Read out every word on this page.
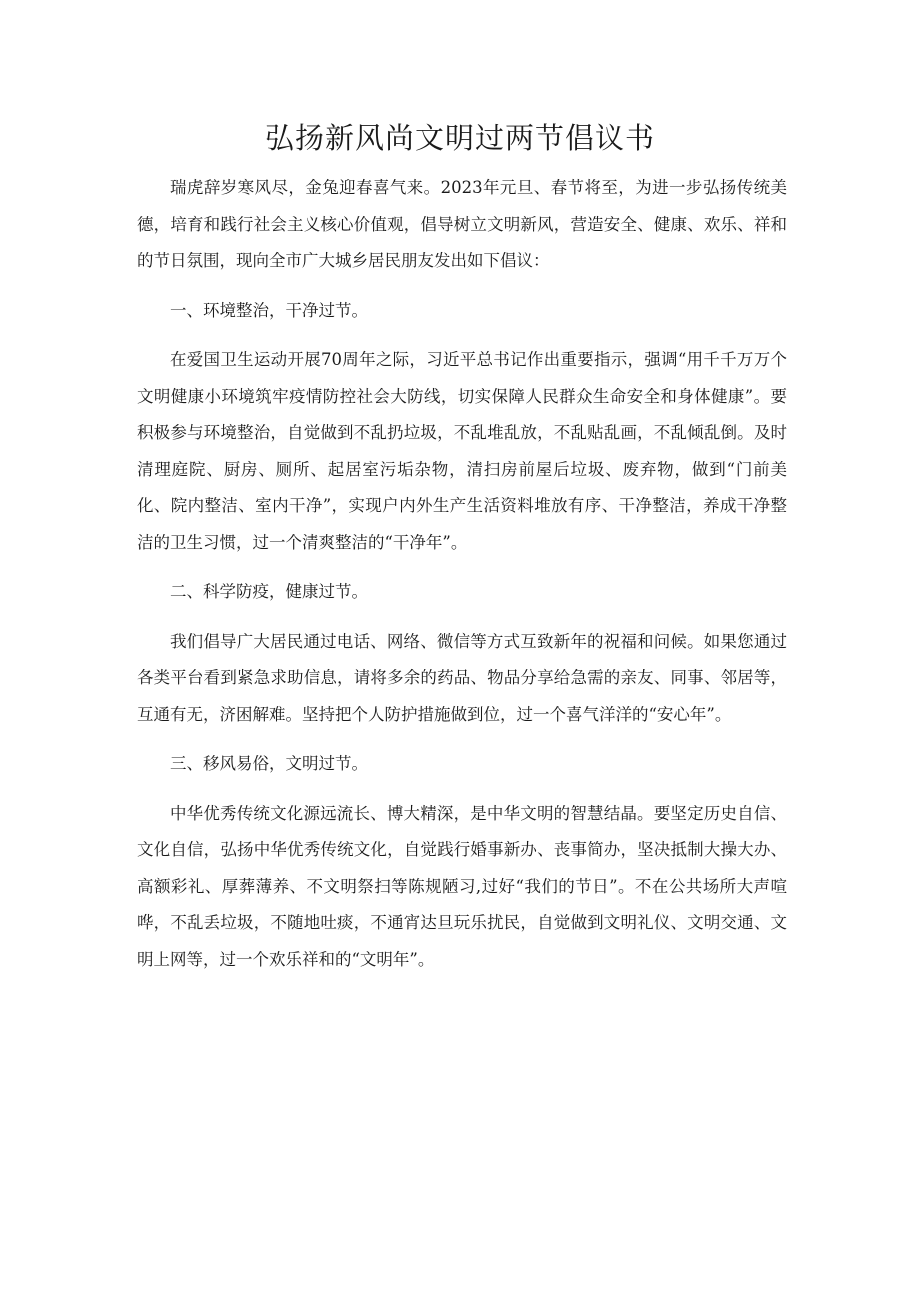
弘扬新风尚文明过两节倡议书

瑞虎辞岁寒风尽，金兔迎春喜气来。2023年元旦、春节将至，为进一步弘扬传统美德，培育和践行社会主义核心价值观，倡导树立文明新风，营造安全、健康、欢乐、祥和的节日氛围，现向全市广大城乡居民朋友发出如下倡议：

一、环境整治，干净过节。

在爱国卫生运动开展70周年之际，习近平总书记作出重要指示，强调“用千千万万个文明健康小环境筑牢疫情防控社会大防线，切实保障人民群众生命安全和身体健康”。要积极参与环境整治，自觉做到不乱扔垃圾，不乱堆乱放，不乱贴乱画，不乱倾乱倒。及时清理庭院、厨房、厕所、起居室污垢杂物，清扫房前屋后垃圾、废弃物，做到“门前美化、院内整洁、室内干净”，实现户内外生产生活资料堆放有序、干净整洁，养成干净整洁的卫生习惯，过一个清爽整洁的“干净年”。

二、科学防疫，健康过节。

我们倡导广大居民通过电话、网络、微信等方式互致新年的祝福和问候。如果您通过各类平台看到紧急求助信息，请将多余的药品、物品分享给急需的亲友、同事、邻居等，互通有无，济困解难。坚持把个人防护措施做到位，过一个喜气洋洋的“安心年”。

三、移风易俗，文明过节。

中华优秀传统文化源远流长、博大精深，是中华文明的智慧结晶。要坚定历史自信、文化自信，弘扬中华优秀传统文化，自觉践行婚事新办、丧事简办，坚决抵制大操大办、高额彩礼、厚葬薄养、不文明祭扫等陈规陋习,过好“我们的节日”。不在公共场所大声喧哗，不乱丢垃圾，不随地吐痰，不通宵达旦玩乐扰民，自觉做到文明礼仪、文明交通、文明上网等，过一个欢乐祥和的“文明年”。
